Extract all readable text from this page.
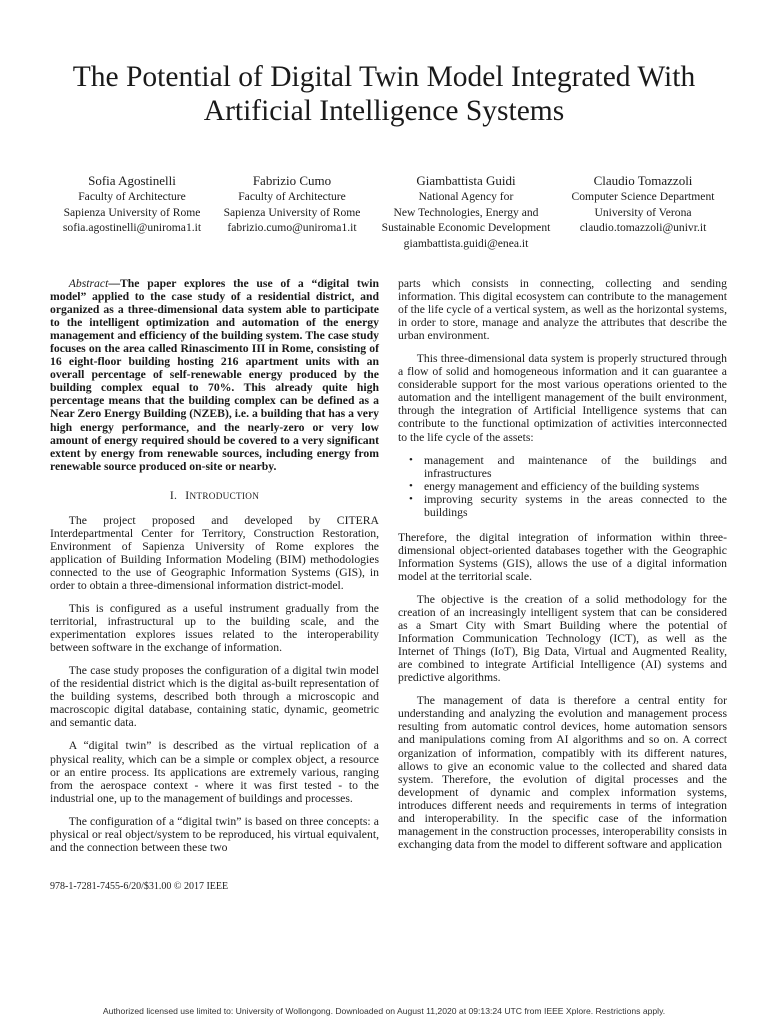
The Potential of Digital Twin Model Integrated With
Artificial Intelligence Systems
Sofia Agostinelli
Faculty of Architecture
Sapienza University of Rome
sofia.agostinelli@uniroma1.it
Fabrizio Cumo
Faculty of Architecture
Sapienza University of Rome
fabrizio.cumo@uniroma1.it
Giambattista Guidi
National Agency for
New Technologies, Energy and
Sustainable Economic Development
giambattista.guidi@enea.it
Claudio Tomazzoli
Computer Science Department
University of Verona
claudio.tomazzoli@univr.it
Abstract—The paper explores the use of a “digital twin model” applied to the case study of a residential district, and organized as a three-dimensional data system able to participate to the intelligent optimization and automation of the energy management and efficiency of the building system. The case study focuses on the area called Rinascimento III in Rome, consisting of 16 eight-floor building hosting 216 apartment units with an overall percentage of self-renewable energy produced by the building complex equal to 70%. This already quite high percentage means that the building complex can be defined as a Near Zero Energy Building (NZEB), i.e. a building that has a very high energy performance, and the nearly-zero or very low amount of energy required should be covered to a very significant extent by energy from renewable sources, including energy from renewable source produced on-site or nearby.
I. INTRODUCTION

The project proposed and developed by CITERA Interdepartmental Center for Territory, Construction Restoration, Environment of Sapienza University of Rome explores the application of Building Information Modeling (BIM) methodologies connected to the use of Geographic Information Systems (GIS), in order to obtain a three-dimensional information district-model.

This is configured as a useful instrument gradually from the territorial, infrastructural up to the building scale, and the experimentation explores issues related to the interoperability between software in the exchange of information.

The case study proposes the configuration of a digital twin model of the residential district which is the digital as-built representation of the building systems, described both through a microscopic and macroscopic digital database, containing static, dynamic, geometric and semantic data.

A “digital twin” is described as the virtual replication of a physical reality, which can be a simple or complex object, a resource or an entire process. Its applications are extremely various, ranging from the aerospace context - where it was first tested - to the industrial one, up to the management of buildings and processes.

The configuration of a “digital twin” is based on three concepts: a physical or real object/system to be reproduced, his virtual equivalent, and the connection between these two

978-1-7281-7455-6/20/$31.00 © 2017 IEEE

parts which consists in connecting, collecting and sending information. This digital ecosystem can contribute to the management of the life cycle of a vertical system, as well as the horizontal systems, in order to store, manage and analyze the attributes that describe the urban environment.

This three-dimensional data system is properly structured through a flow of solid and homogeneous information and it can guarantee a considerable support for the most various operations oriented to the automation and the intelligent management of the built environment, through the integration of Artificial Intelligence systems that can contribute to the functional optimization of activities interconnected to the life cycle of the assets:

• management and maintenance of the buildings and infrastructures
• energy management and efficiency of the building systems
• improving security systems in the areas connected to the buildings

Therefore, the digital integration of information within three-dimensional object-oriented databases together with the Geographic Information Systems (GIS), allows the use of a digital information model at the territorial scale.

The objective is the creation of a solid methodology for the creation of an increasingly intelligent system that can be considered as a Smart City with Smart Building where the potential of Information Communication Technology (ICT), as well as the Internet of Things (IoT), Big Data, Virtual and Augmented Reality, are combined to integrate Artificial Intelligence (AI) systems and predictive algorithms.

The management of data is therefore a central entity for understanding and analyzing the evolution and management process resulting from automatic control devices, home automation sensors and manipulations coming from AI algorithms and so on. A correct organization of information, compatibly with its different natures, allows to give an economic value to the collected and shared data system. Therefore, the evolution of digital processes and the development of dynamic and complex information systems, introduces different needs and requirements in terms of integration and interoperability. In the specific case of the information management in the construction processes, interoperability consists in exchanging data from the model to different software and application

Authorized licensed use limited to: University of Wollongong. Downloaded on August 11,2020 at 09:13:24 UTC from IEEE Xplore. Restrictions apply.
